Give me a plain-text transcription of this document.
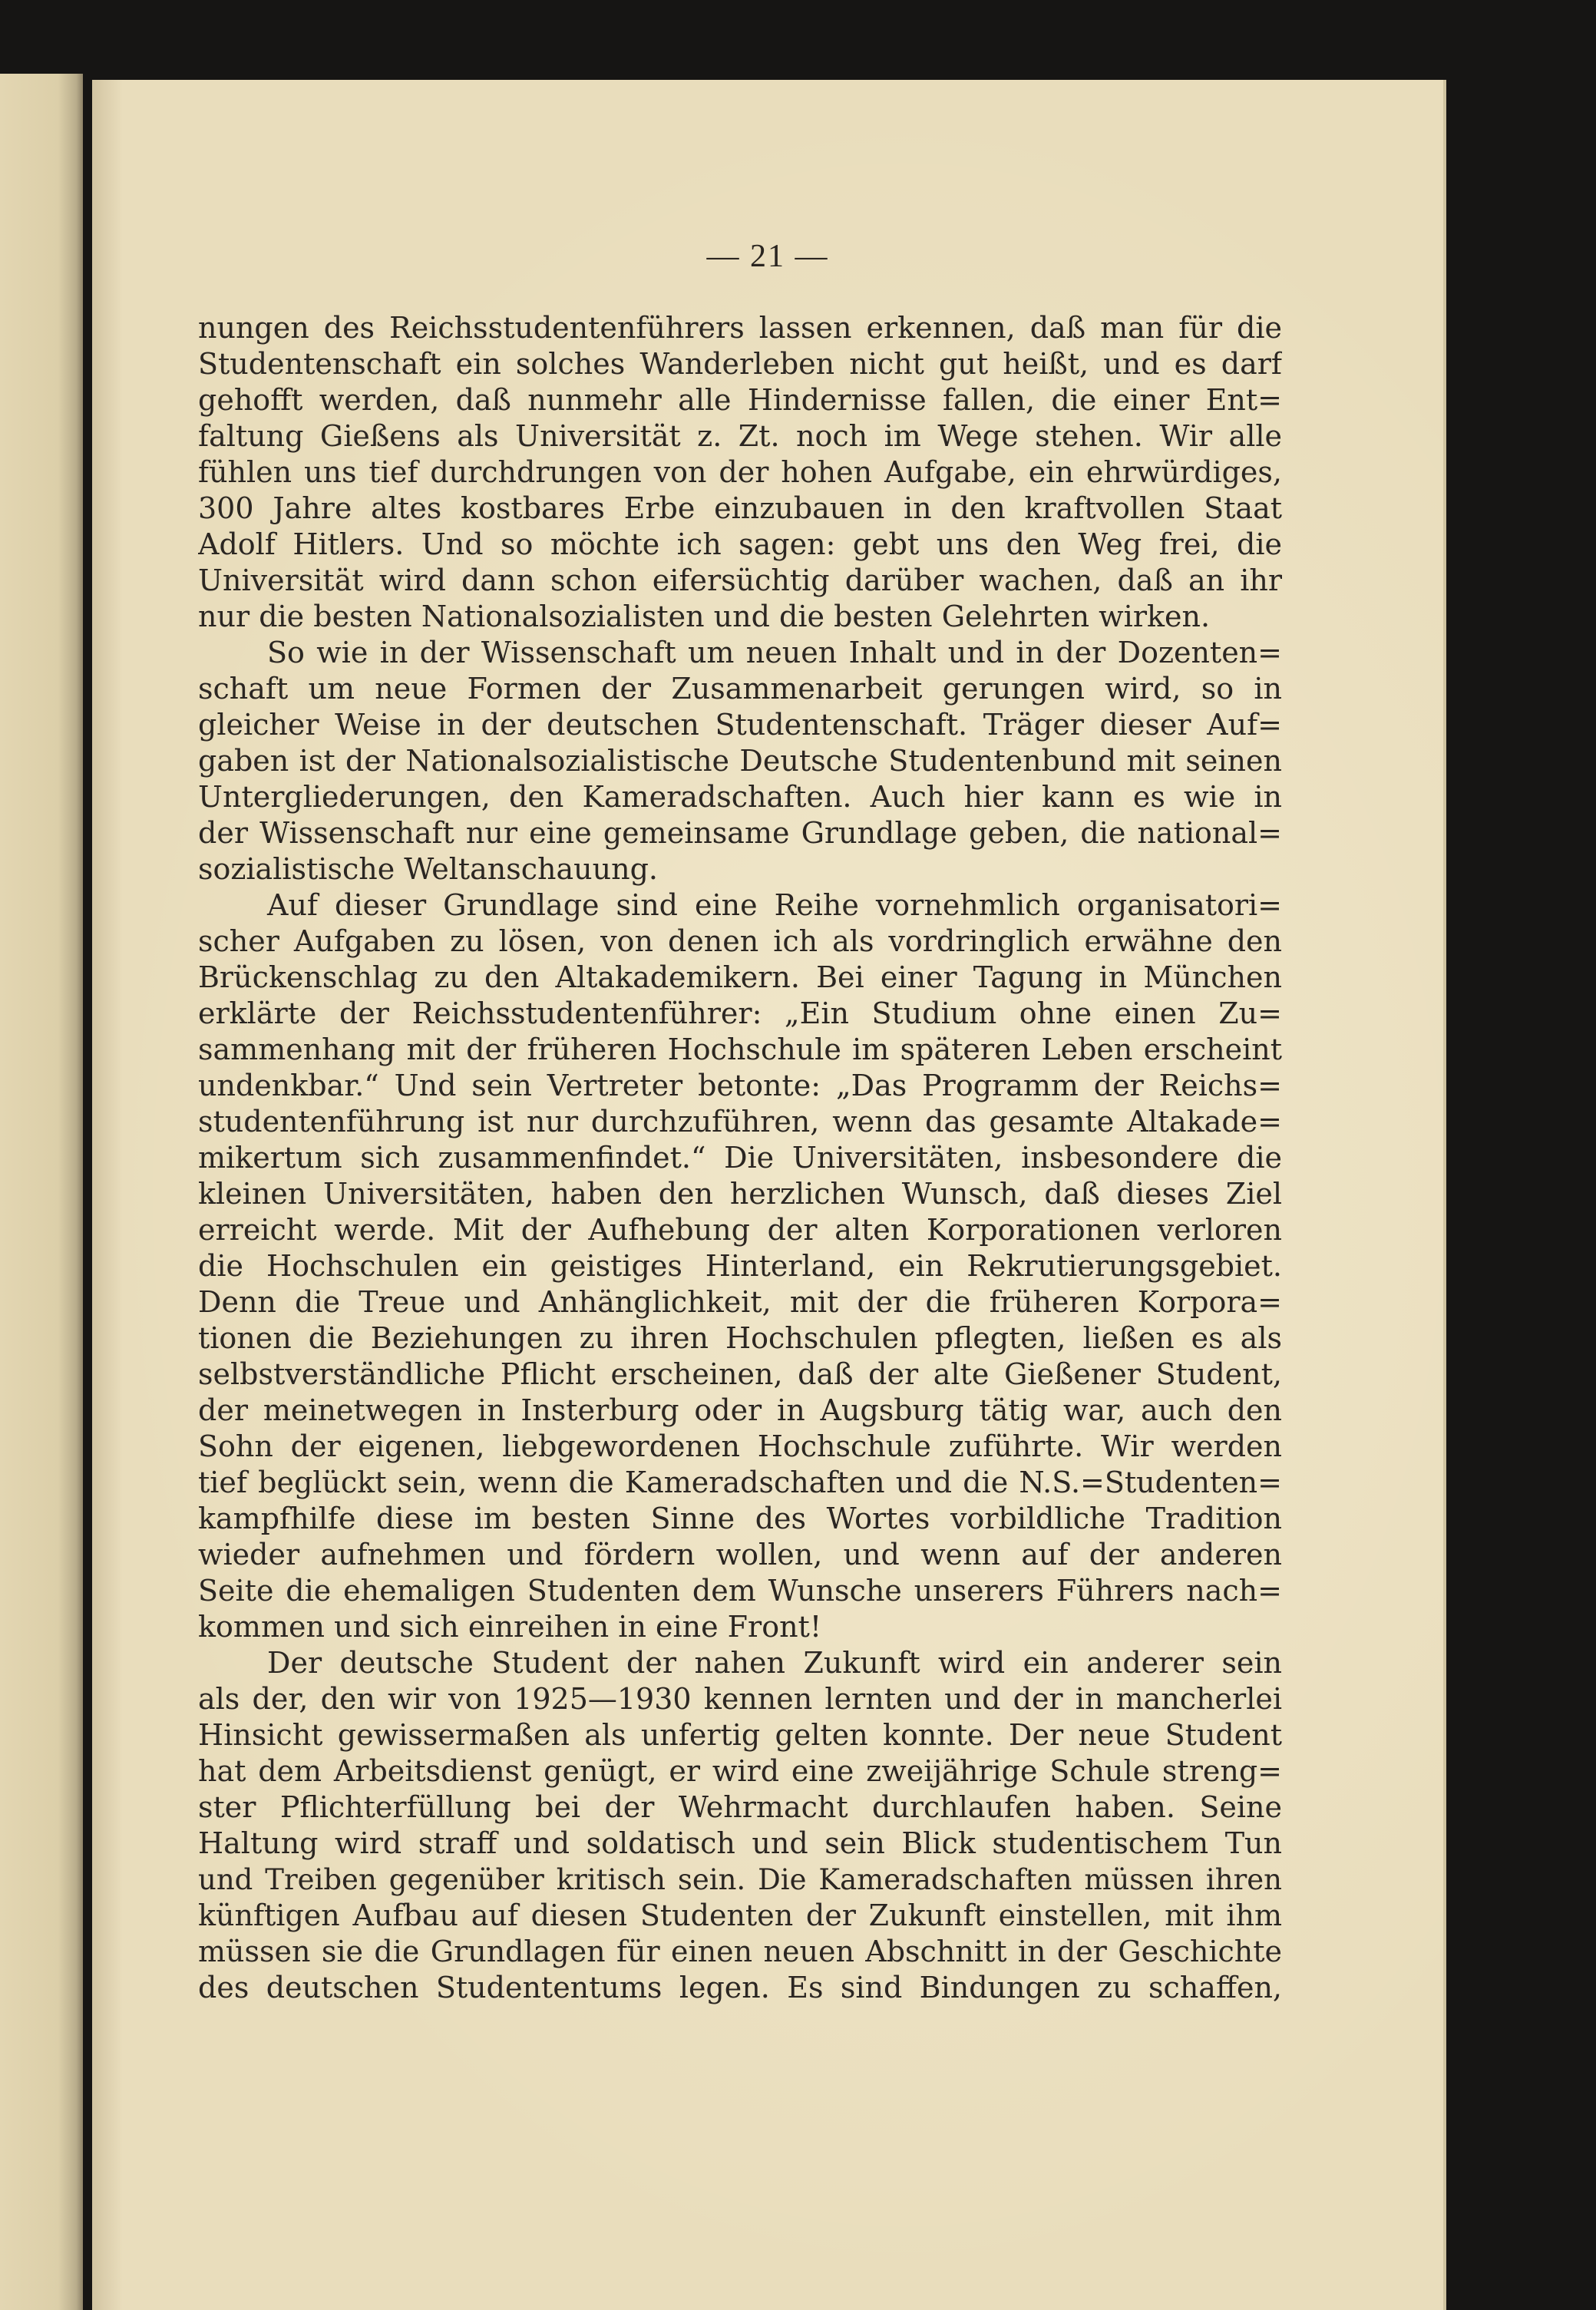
— 21 —
nungen des Reichsstudentenführers lassen erkennen, daß man für die
Studentenschaft ein solches Wanderleben nicht gut heißt, und es darf
gehofft werden, daß nunmehr alle Hindernisse fallen, die einer Ent=
faltung Gießens als Universität z. Zt. noch im Wege stehen. Wir alle
fühlen uns tief durchdrungen von der hohen Aufgabe, ein ehrwürdiges,
300 Jahre altes kostbares Erbe einzubauen in den kraftvollen Staat
Adolf Hitlers. Und so möchte ich sagen: gebt uns den Weg frei, die
Universität wird dann schon eifersüchtig darüber wachen, daß an ihr
nur die besten Nationalsozialisten und die besten Gelehrten wirken.
So wie in der Wissenschaft um neuen Inhalt und in der Dozenten=
schaft um neue Formen der Zusammenarbeit gerungen wird, so in
gleicher Weise in der deutschen Studentenschaft. Träger dieser Auf=
gaben ist der Nationalsozialistische Deutsche Studentenbund mit seinen
Untergliederungen, den Kameradschaften. Auch hier kann es wie in
der Wissenschaft nur eine gemeinsame Grundlage geben, die national=
sozialistische Weltanschauung.
Auf dieser Grundlage sind eine Reihe vornehmlich organisatori=
scher Aufgaben zu lösen, von denen ich als vordringlich erwähne den
Brückenschlag zu den Altakademikern. Bei einer Tagung in München
erklärte der Reichsstudentenführer: „Ein Studium ohne einen Zu=
sammenhang mit der früheren Hochschule im späteren Leben erscheint
undenkbar.“ Und sein Vertreter betonte: „Das Programm der Reichs=
studentenführung ist nur durchzuführen, wenn das gesamte Altakade=
mikertum sich zusammenfindet.“ Die Universitäten, insbesondere die
kleinen Universitäten, haben den herzlichen Wunsch, daß dieses Ziel
erreicht werde. Mit der Aufhebung der alten Korporationen verloren
die Hochschulen ein geistiges Hinterland, ein Rekrutierungsgebiet.
Denn die Treue und Anhänglichkeit, mit der die früheren Korpora=
tionen die Beziehungen zu ihren Hochschulen pflegten, ließen es als
selbstverständliche Pflicht erscheinen, daß der alte Gießener Student,
der meinetwegen in Insterburg oder in Augsburg tätig war, auch den
Sohn der eigenen, liebgewordenen Hochschule zuführte. Wir werden
tief beglückt sein, wenn die Kameradschaften und die N.S.=Studenten=
kampfhilfe diese im besten Sinne des Wortes vorbildliche Tradition
wieder aufnehmen und fördern wollen, und wenn auf der anderen
Seite die ehemaligen Studenten dem Wunsche unserers Führers nach=
kommen und sich einreihen in eine Front!
Der deutsche Student der nahen Zukunft wird ein anderer sein
als der, den wir von 1925—1930 kennen lernten und der in mancherlei
Hinsicht gewissermaßen als unfertig gelten konnte. Der neue Student
hat dem Arbeitsdienst genügt, er wird eine zweijährige Schule streng=
ster Pflichterfüllung bei der Wehrmacht durchlaufen haben. Seine
Haltung wird straff und soldatisch und sein Blick studentischem Tun
und Treiben gegenüber kritisch sein. Die Kameradschaften müssen ihren
künftigen Aufbau auf diesen Studenten der Zukunft einstellen, mit ihm
müssen sie die Grundlagen für einen neuen Abschnitt in der Geschichte
des deutschen Studententums legen. Es sind Bindungen zu schaffen,
